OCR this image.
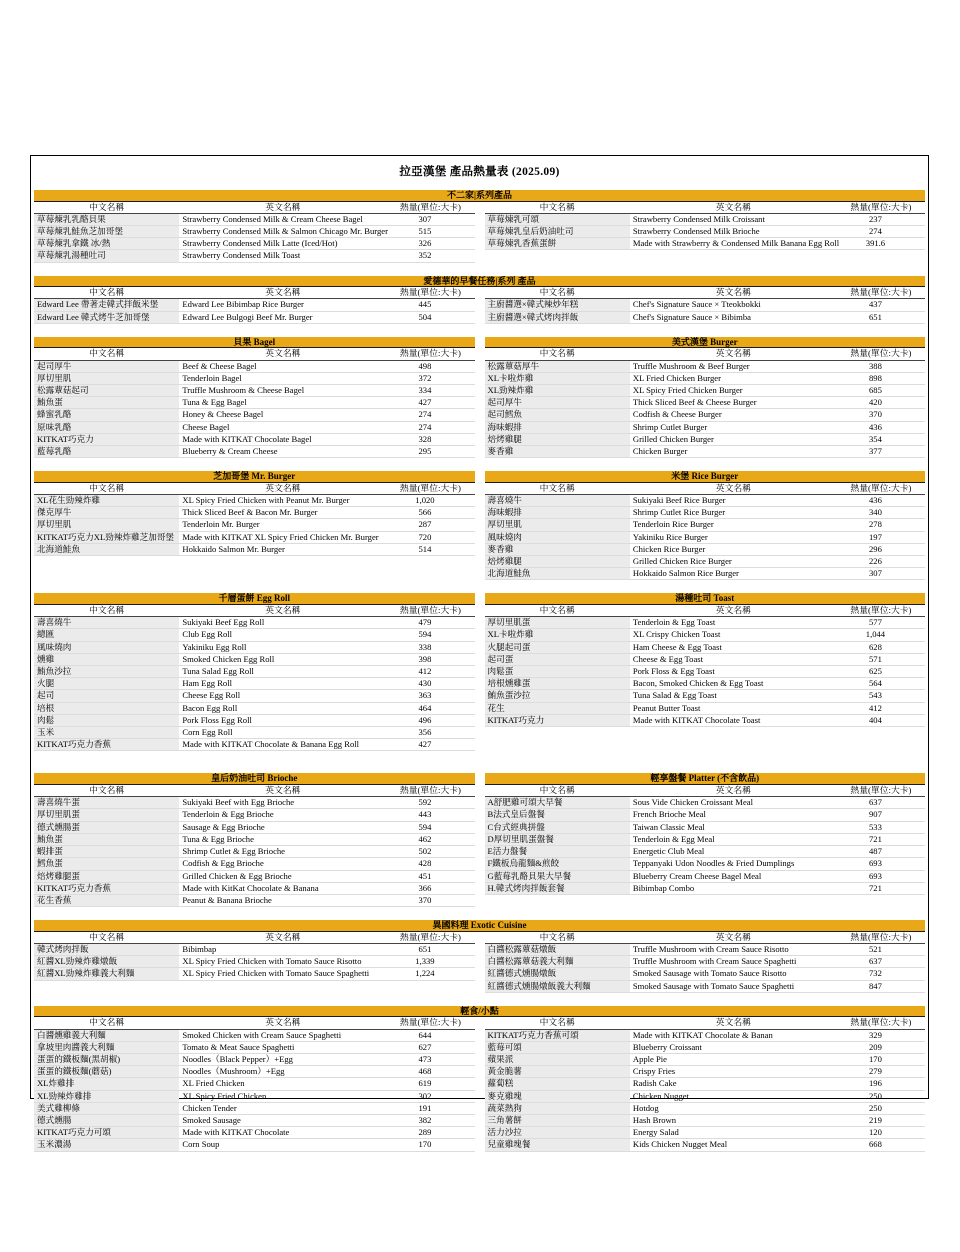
拉亞漢堡 產品熱量表 (2025.09)
不二家|系列產品
中文名稱	英文名稱	熱量(單位:大卡)
草莓煉乳乳酪貝果	Strawberry Condensed Milk & Cream Cheese Bagel	307
草莓煉乳鮭魚芝加哥堡	Strawberry Condensed Milk & Salmon Chicago Mr. Burger	515
草莓煉乳拿鐵 冰/熱	Strawberry Condensed Milk Latte (Iced/Hot)	326
草莓煉乳湯種吐司	Strawberry Condensed Milk Toast	352
中文名稱	英文名稱	熱量(單位:大卡)
草莓煉乳可頌	Strawberry Condensed Milk Croissant	237
草莓煉乳皇后奶油吐司	Strawberry Condensed Milk Brioche	274
草莓煉乳香蕉蛋餅	Made with Strawberry & Condensed Milk Banana Egg Roll	391.6
愛德華的早餐任務|系列 產品
中文名稱	英文名稱	熱量(單位:大卡)
Edward Lee 帶著走韓式拌飯米堡	Edward Lee Bibimbap Rice Burger	445
Edward Lee 韓式烤牛芝加哥堡	Edward Lee Bulgogi Beef Mr. Burger	504
中文名稱	英文名稱	熱量(單位:大卡)
主廚醬選×韓式辣炒年糕	Chef's Signature Sauce × Tteokbokki	437
主廚醬選×韓式烤肉拌飯	Chef's Signature Sauce × Bibimba	651
貝果 Bagel
中文名稱	英文名稱	熱量(單位:大卡)
起司厚牛	Beef & Cheese Bagel	498
厚切里肌	Tenderloin Bagel	372
松露蕈菇起司	Truffle Mushroom & Cheese Bagel	334
鮪魚蛋	Tuna & Egg Bagel	427
蜂蜜乳酪	Honey & Cheese Bagel	274
原味乳酪	Cheese Bagel	274
KITKAT巧克力	Made with KITKAT Chocolate Bagel	328
藍莓乳酪	Blueberry & Cream Cheese	295
美式漢堡 Burger
中文名稱	英文名稱	熱量(單位:大卡)
松露蕈菇厚牛	Truffle Mushroom & Beef Burger	388
XL卡啦炸雞	XL Fried Chicken Burger	898
XL勁辣炸雞	XL Spicy Fried Chicken Burger	685
起司厚牛	Thick Sliced Beef & Cheese Burger	420
起司鱈魚	Codfish & Cheese Burger	370
海味蝦排	Shrimp Cutlet Burger	436
焙烤雞腿	Grilled Chicken Burger	354
麥香雞	Chicken Burger	377
芝加哥堡 Mr. Burger
中文名稱	英文名稱	熱量(單位:大卡)
XL花生勁辣炸雞	XL Spicy Fried Chicken with Peanut Mr. Burger	1,020
傑克厚牛	Thick Sliced Beef & Bacon Mr. Burger	566
厚切里肌	Tenderloin Mr. Burger	287
KITKAT巧克力XL勁辣炸雞芝加哥堡	Made with KITKAT XL Spicy Fried Chicken Mr. Burger	720
北海道鮭魚	Hokkaido Salmon Mr. Burger	514
米堡 Rice Burger
中文名稱	英文名稱	熱量(單位:大卡)
壽喜燒牛	Sukiyaki Beef Rice Burger	436
海味蝦排	Shrimp Cutlet Rice Burger	340
厚切里肌	Tenderloin Rice Burger	278
風味燒肉	Yakiniku Rice Burger	197
麥香雞	Chicken Rice Burger	296
焙烤雞腿	Grilled Chicken Rice Burger	226
北海道鮭魚	Hokkaido Salmon Rice Burger	307
千層蛋餅 Egg Roll
中文名稱	英文名稱	熱量(單位:大卡)
壽喜燒牛	Sukiyaki Beef Egg Roll	479
總匯	Club Egg Roll	594
風味燒肉	Yakiniku Egg Roll	338
燻雞	Smoked Chicken Egg Roll	398
鮪魚沙拉	Tuna Salad Egg Roll	412
火腿	Ham Egg Roll	430
起司	Cheese Egg Roll	363
培根	Bacon Egg Roll	464
肉鬆	Pork Floss Egg Roll	496
玉米	Corn Egg Roll	356
KITKAT巧克力香蕉	Made with KITKAT Chocolate & Banana Egg Roll	427
湯種吐司 Toast
中文名稱	英文名稱	熱量(單位:大卡)
厚切里肌蛋	Tenderloin & Egg Toast	577
XL卡啦炸雞	XL Crispy Chicken Toast	1,044
火腿起司蛋	Ham Cheese & Egg Toast	628
起司蛋	Cheese & Egg Toast	571
肉鬆蛋	Pork Floss & Egg Toast	625
培根燻雞蛋	Bacon, Smoked Chicken & Egg Toast	564
鮪魚蛋沙拉	Tuna Salad & Egg Toast	543
花生	Peanut Butter Toast	412
KITKAT巧克力	Made with KITKAT Chocolate Toast	404
皇后奶油吐司 Brioche
中文名稱	英文名稱	熱量(單位:大卡)
壽喜燒牛蛋	Sukiyaki Beef with Egg Brioche	592
厚切里肌蛋	Tenderloin & Egg Brioche	443
德式燻腸蛋	Sausage & Egg Brioche	594
鮪魚蛋	Tuna & Egg Brioche	462
蝦排蛋	Shrimp Cutlet & Egg Brioche	502
鱈魚蛋	Codfish & Egg Brioche	428
焙烤雞腿蛋	Grilled Chicken & Egg Brioche	451
KITKAT巧克力香蕉	Made with KitKat Chocolate & Banana	366
花生香蕉	Peanut & Banana Brioche	370
輕享盤餐 Platter (不含飲品)
中文名稱	英文名稱	熱量(單位:大卡)
A舒肥雞可頌大早餐	Sous Vide Chicken Croissant Meal	637
B法式皇后盤餐	French Brioche Meal	907
C台式經典拼盤	Taiwan Classic Meal	533
D厚切里肌蛋盤餐	Tenderloin & Egg Meal	721
E活力盤餐	Energetic Club Meal	487
F鐵板烏龍麵&煎餃	Teppanyaki Udon Noodles & Fried Dumplings	693
G藍莓乳酪貝果大早餐	Blueberry Cream Cheese Bagel Meal	693
H.韓式烤肉拌飯套餐	Bibimbap Combo	721
異國料理 Exotic Cuisine
中文名稱	英文名稱	熱量(單位:大卡)
韓式烤肉拌飯	Bibimbap	651
紅醬XL勁辣炸雞燉飯	XL Spicy Fried Chicken with Tomato Sauce Risotto	1,339
紅醬XL勁辣炸雞義大利麵	XL Spicy Fried Chicken with Tomato Sauce Spaghetti	1,224
中文名稱	英文名稱	熱量(單位:大卡)
白醬松露蕈菇燉飯	Truffle Mushroom with Cream Sauce Risotto	521
白醬松露蕈菇義大利麵	Truffle Mushroom with Cream Sauce Spaghetti	637
紅醬德式燻腸燉飯	Smoked Sausage with Tomato Sauce Risotto	732
紅醬德式燻腸燉飯義大利麵	Smoked Sausage with Tomato Sauce Spaghetti	847
輕食/小點
中文名稱	英文名稱	熱量(單位:大卡)
白醬燻雞義大利麵	Smoked Chicken with Cream Sauce Spaghetti	644
拿坡里肉醬義大利麵	Tomato & Meat Sauce Spaghetti	627
蛋蛋的鐵板麵(黑胡椒)	Noodles（Black Pepper）+Egg	473
蛋蛋的鐵板麵(蘑菇)	Noodles（Mushroom）+Egg	468
XL炸雞排	XL Fried Chicken	619
XL勁辣炸雞排	XL Spicy Fried Chicken	302
美式雞柳條	Chicken Tender	191
德式燻腸	Smoked Sausage	382
KITKAT巧克力可頌	Made with KITKAT Chocolate	289
玉米濃湯	Corn Soup	170
中文名稱	英文名稱	熱量(單位:大卡)
KITKAT巧克力香蕉可頌	Made with KITKAT Chocolate & Banan	329
藍莓可頌	Blueberry Croissant	209
蘋果派	Apple Pie	170
黃金脆薯	Crispy Fries	279
蘿蔔糕	Radish Cake	196
麥克雞塊	Chicken Nugget	250
蔬菜熱狗	Hotdog	250
三角薯餅	Hash Brown	219
活力沙拉	Energy Salad	120
兒童雞塊餐	Kids Chicken Nugget Meal	668
